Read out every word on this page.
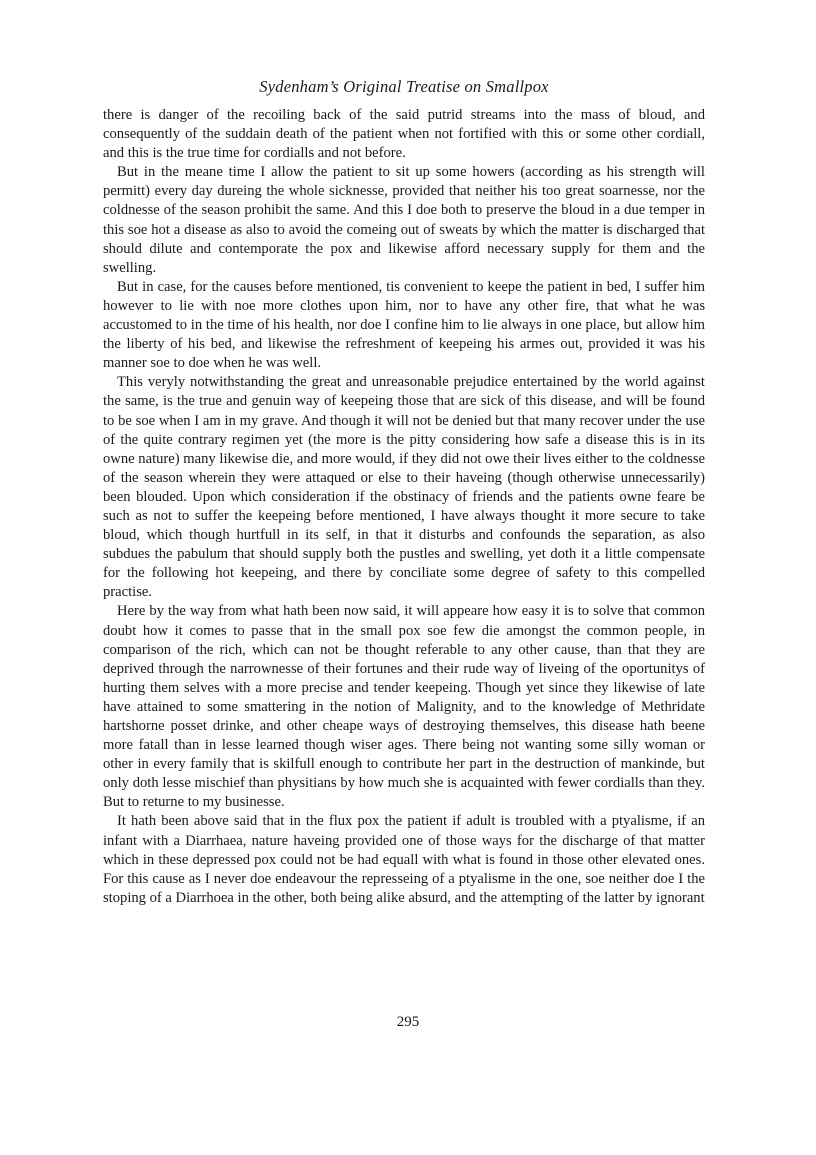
Sydenham’s Original Treatise on Smallpox

there is danger of the recoiling back of the said putrid streams into the mass of bloud, and consequently of the suddain death of the patient when not fortified with this or some other cordiall, and this is the true time for cordialls and not before.

But in the meane time I allow the patient to sit up some howers (according as his strength will permitt) every day dureing the whole sicknesse, provided that neither his too great soarnesse, nor the coldnesse of the season prohibit the same. And this I doe both to preserve the bloud in a due temper in this soe hot a disease as also to avoid the comeing out of sweats by which the matter is discharged that should dilute and contemporate the pox and likewise afford necessary supply for them and the swelling.

But in case, for the causes before mentioned, tis convenient to keepe the patient in bed, I suffer him however to lie with noe more clothes upon him, nor to have any other fire, that what he was accustomed to in the time of his health, nor doe I confine him to lie always in one place, but allow him the liberty of his bed, and likewise the refreshment of keepeing his armes out, provided it was his manner soe to doe when he was well.

This veryly notwithstanding the great and unreasonable prejudice entertained by the world against the same, is the true and genuin way of keepeing those that are sick of this disease, and will be found to be soe when I am in my grave. And though it will not be denied but that many recover under the use of the quite contrary regimen yet (the more is the pitty considering how safe a disease this is in its owne nature) many likewise die, and more would, if they did not owe their lives either to the coldnesse of the season wherein they were attaqued or else to their haveing (though otherwise unnecessarily) been blouded. Upon which consideration if the obstinacy of friends and the patients owne feare be such as not to suffer the keepeing before mentioned, I have always thought it more secure to take bloud, which though hurtfull in its self, in that it disturbs and confounds the separation, as also subdues the pabulum that should supply both the pustles and swelling, yet doth it a little compensate for the following hot keepeing, and there by conciliate some degree of safety to this compelled practise.

Here by the way from what hath been now said, it will appeare how easy it is to solve that common doubt how it comes to passe that in the small pox soe few die amongst the common people, in comparison of the rich, which can not be thought referable to any other cause, than that they are deprived through the narrownesse of their fortunes and their rude way of liveing of the oportunitys of hurting them selves with a more precise and tender keepeing. Though yet since they likewise of late have attained to some smattering in the notion of Malignity, and to the knowledge of Methridate hartshorne posset drinke, and other cheape ways of destroying themselves, this disease hath beene more fatall than in lesse learned though wiser ages. There being not wanting some silly woman or other in every family that is skilfull enough to contribute her part in the destruction of mankinde, but only doth lesse mischief than physitians by how much she is acquainted with fewer cordialls than they. But to returne to my businesse.

It hath been above said that in the flux pox the patient if adult is troubled with a ptyalisme, if an infant with a Diarrhaea, nature haveing provided one of those ways for the discharge of that matter which in these depressed pox could not be had equall with what is found in those other elevated ones. For this cause as I never doe endeavour the represseing of a ptyalisme in the one, soe neither doe I the stoping of a Diarrhoea in the other, both being alike absurd, and the attempting of the latter by ignorant

295
